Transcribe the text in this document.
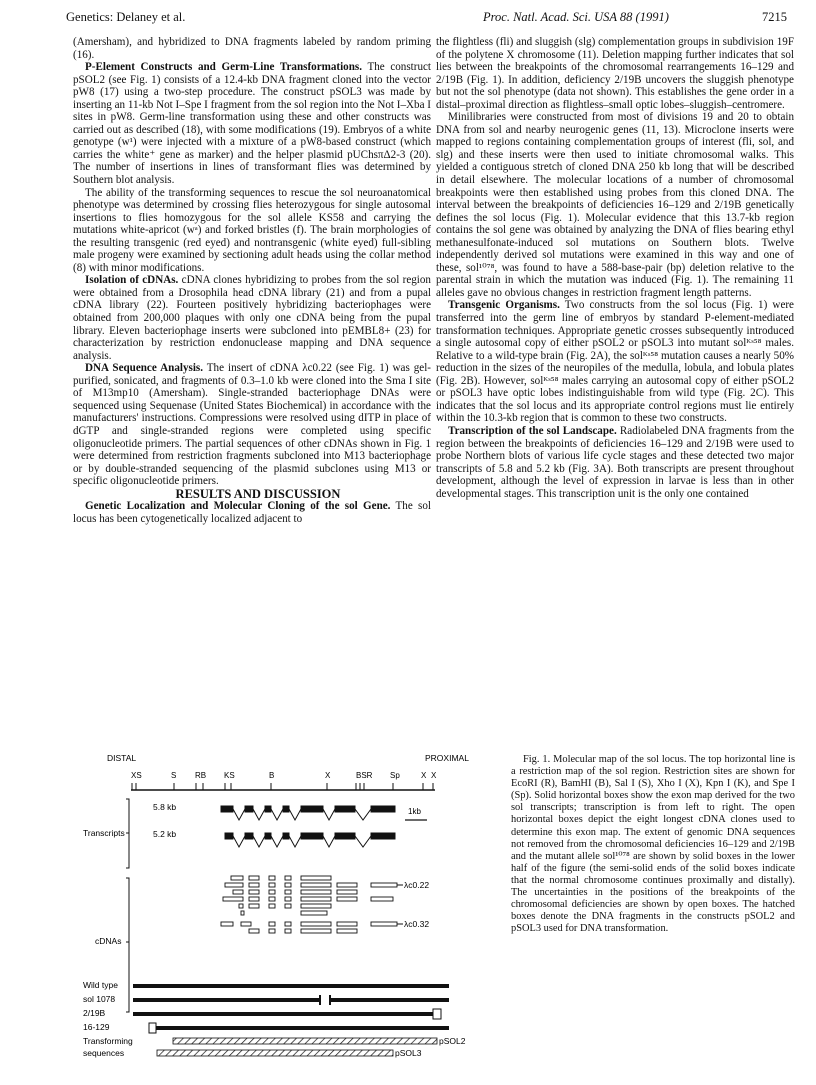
Genetics: Delaney et al.	Proc. Natl. Acad. Sci. USA 88 (1991)	7215

(Amersham), and hybridized to DNA fragments labeled by random priming (16).

P-Element Constructs and Germ-Line Transformations. The construct pSOL2 (see Fig. 1) consists of a 12.4-kb DNA fragment cloned into the vector pW8 (17) using a two-step procedure. The construct pSOL3 was made by inserting an 11-kb Not I–Spe I fragment from the sol region into the Not I–Xba I sites in pW8. Germ-line transformation using these and other constructs was carried out as described (18), with some modifications (19). Embryos of a white genotype (w¹) were injected with a mixture of a pW8-based construct (which carries the white⁺ gene as marker) and the helper plasmid pUChsπΔ2-3 (20). The number of insertions in lines of transformant flies was determined by Southern blot analysis.

The ability of the transforming sequences to rescue the sol neuroanatomical phenotype was determined by crossing flies heterozygous for single autosomal insertions to flies homozygous for the sol allele KS58 and carrying the mutations white-apricot (wᵃ) and forked bristles (f). The brain morphologies of the resulting transgenic (red eyed) and nontransgenic (white eyed) full-sibling male progeny were examined by sectioning adult heads using the collar method (8) with minor modifications.

Isolation of cDNAs. cDNA clones hybridizing to probes from the sol region were obtained from a Drosophila head cDNA library (21) and from a pupal cDNA library (22). Fourteen positively hybridizing bacteriophages were obtained from 200,000 plaques with only one cDNA being from the pupal library. Eleven bacteriophage inserts were subcloned into pEMBL8+ (23) for characterization by restriction endonuclease mapping and DNA sequence analysis.

DNA Sequence Analysis. The insert of cDNA λc0.22 (see Fig. 1) was gel-purified, sonicated, and fragments of 0.3–1.0 kb were cloned into the Sma I site of M13mp10 (Amersham). Single-stranded bacteriophage DNAs were sequenced using Sequenase (United States Biochemical) in accordance with the manufacturers' instructions. Compressions were resolved using dITP in place of dGTP and single-stranded regions were completed using specific oligonucleotide primers. The partial sequences of other cDNAs shown in Fig. 1 were determined from restriction fragments subcloned into M13 bacteriophage or by double-stranded sequencing of the plasmid subclones using M13 or specific oligonucleotide primers.

RESULTS AND DISCUSSION

Genetic Localization and Molecular Cloning of the sol Gene. The sol locus has been cytogenetically localized adjacent to

the flightless (fli) and sluggish (slg) complementation groups in subdivision 19F of the polytene X chromosome (11). Deletion mapping further indicates that sol lies between the breakpoints of the chromosomal rearrangements 16–129 and 2/19B (Fig. 1). In addition, deficiency 2/19B uncovers the sluggish phenotype but not the sol phenotype (data not shown). This establishes the gene order in a distal–proximal direction as flightless–small optic lobes–sluggish–centromere.

Minilibraries were constructed from most of divisions 19 and 20 to obtain DNA from sol and nearby neurogenic genes (11, 13). Microclone inserts were mapped to regions containing complementation groups of interest (fli, sol, and slg) and these inserts were then used to initiate chromosomal walks. This yielded a contiguous stretch of cloned DNA 250 kb long that will be described in detail elsewhere. The molecular locations of a number of chromosomal breakpoints were then established using probes from this cloned DNA. The interval between the breakpoints of deficiencies 16–129 and 2/19B genetically defines the sol locus (Fig. 1). Molecular evidence that this 13.7-kb region contains the sol gene was obtained by analyzing the DNA of flies bearing ethyl methanesulfonate-induced sol mutations on Southern blots. Twelve independently derived sol mutations were examined in this way and one of these, sol¹⁰⁷⁸, was found to have a 588-base-pair (bp) deletion relative to the parental strain in which the mutation was induced (Fig. 1). The remaining 11 alleles gave no obvious changes in restriction fragment length patterns.

Transgenic Organisms. Two constructs from the sol locus (Fig. 1) were transferred into the germ line of embryos by standard P-element-mediated transformation techniques. Appropriate genetic crosses subsequently introduced a single autosomal copy of either pSOL2 or pSOL3 into mutant solᴷˢ⁵⁸ males. Relative to a wild-type brain (Fig. 2A), the solᴷˢ⁵⁸ mutation causes a nearly 50% reduction in the sizes of the neuropiles of the medulla, lobula, and lobula plates (Fig. 2B). However, solᴷˢ⁵⁸ males carrying an autosomal copy of either pSOL2 or pSOL3 have optic lobes indistinguishable from wild type (Fig. 2C). This indicates that the sol locus and its appropriate control regions must lie entirely within the 10.3-kb region that is common to these two constructs.

Transcription of the sol Landscape. Radiolabeled DNA fragments from the region between the breakpoints of deficiencies 16–129 and 2/19B were used to probe Northern blots of various life cycle stages and these detected two major transcripts of 5.8 and 5.2 kb (Fig. 3A). Both transcripts are present throughout development, although the level of expression in larvae is less than in other developmental stages. This transcription unit is the only one contained

DISTAL	PROXIMAL
XS	S RB KS	B	X	BSR Sp	X X
Transcripts
5.8 kb
5.2 kb
1kb
cDNAs
λc0.22
λc0.32
Wild type
sol 1078
2/19B
16-129
Transforming
sequences
pSOL2
pSOL3

Fig. 1. Molecular map of the sol locus. The top horizontal line is a restriction map of the sol region. Restriction sites are shown for EcoRI (R), BamHI (B), Sal I (S), Xho I (X), Kpn I (K), and Spe I (Sp). Solid horizontal boxes show the exon map derived for the two sol transcripts; transcription is from left to right. The open horizontal boxes depict the eight longest cDNA clones used to determine this exon map. The extent of genomic DNA sequences not removed from the chromosomal deficiencies 16–129 and 2/19B and the mutant allele sol¹⁰⁷⁸ are shown by solid boxes in the lower half of the figure (the semi-solid ends of the solid boxes indicate that the normal chromosome continues proximally and distally). The uncertainties in the positions of the breakpoints of the chromosomal deficiencies are shown by open boxes. The hatched boxes denote the DNA fragments in the constructs pSOL2 and pSOL3 used for DNA transformation.
